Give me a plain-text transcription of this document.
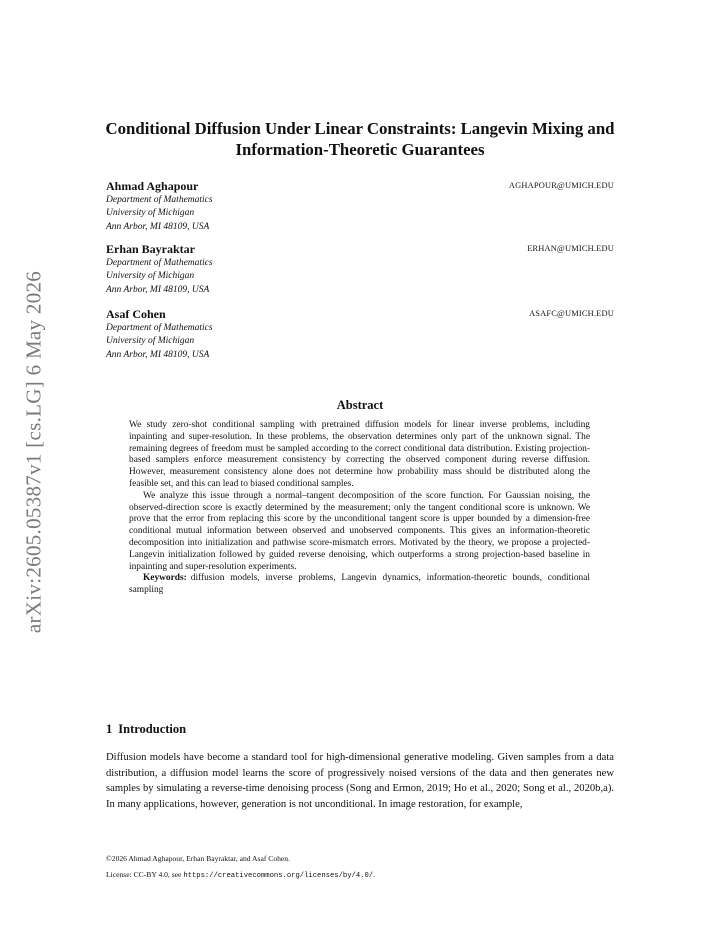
arXiv:2605.05387v1 [cs.LG] 6 May 2026
Conditional Diffusion Under Linear Constraints: Langevin Mixing and Information-Theoretic Guarantees
Ahmad Aghapour	AGHAPOUR@UMICH.EDU
Department of Mathematics
University of Michigan
Ann Arbor, MI 48109, USA
Erhan Bayraktar	ERHAN@UMICH.EDU
Department of Mathematics
University of Michigan
Ann Arbor, MI 48109, USA
Asaf Cohen	ASAFC@UMICH.EDU
Department of Mathematics
University of Michigan
Ann Arbor, MI 48109, USA
Abstract

We study zero-shot conditional sampling with pretrained diffusion models for linear inverse problems, including inpainting and super-resolution. In these problems, the observation determines only part of the unknown signal. The remaining degrees of freedom must be sampled according to the correct conditional data distribution. Existing projection-based samplers enforce measurement consistency by correcting the observed component during reverse diffusion. However, measurement consistency alone does not determine how probability mass should be distributed along the feasible set, and this can lead to biased conditional samples.

We analyze this issue through a normal–tangent decomposition of the score function. For Gaussian noising, the observed-direction score is exactly determined by the measurement; only the tangent conditional score is unknown. We prove that the error from replacing this score by the unconditional tangent score is upper bounded by a dimension-free conditional mutual information between observed and unobserved components. This gives an information-theoretic decomposition into initialization and pathwise score-mismatch errors. Motivated by the theory, we propose a projected-Langevin initialization followed by guided reverse denoising, which outperforms a strong projection-based baseline in inpainting and super-resolution experiments.

Keywords: diffusion models, inverse problems, Langevin dynamics, information-theoretic bounds, conditional sampling

1 Introduction

Diffusion models have become a standard tool for high-dimensional generative modeling. Given samples from a data distribution, a diffusion model learns the score of progressively noised versions of the data and then generates new samples by simulating a reverse-time denoising process (Song and Ermon, 2019; Ho et al., 2020; Song et al., 2020b,a). In many applications, however, generation is not unconditional. In image restoration, for example,

©2026 Ahmad Aghapour, Erhan Bayraktar, and Asaf Cohen.
License: CC-BY 4.0, see https://creativecommons.org/licenses/by/4.0/.
